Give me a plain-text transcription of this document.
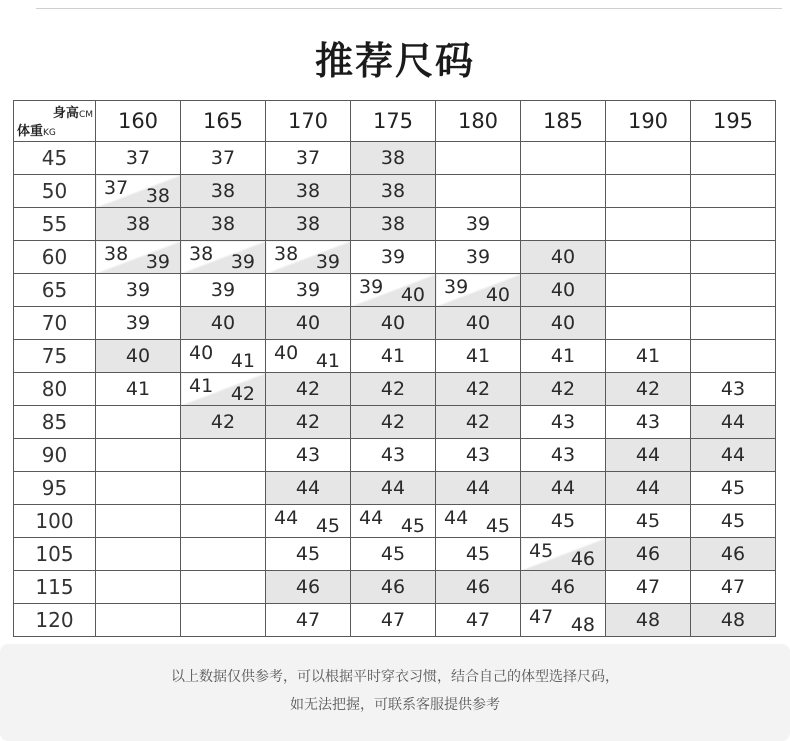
推荐尺码
身高CM
体重KG	160	165	170	175	180	185	190	195
45	37	37	37	38				
50	37 38	38	38	38				
55	38	38	38	38	39			
60	38 39	38 39	38 39	39	39	40		
65	39	39	39	39 40	39 40	40		
70	39	40	40	40	40	40		
75	40	40 41	40 41	41	41	41	41	
80	41	41 42	42	42	42	42	42	43
85		42	42	42	42	43	43	44
90			43	43	43	43	44	44
95			44	44	44	44	44	45
100			44 45	44 45	44 45	45	45	45
105			45	45	45	45 46	46	46
115			46	46	46	46	47	47
120			47	47	47	47 48	48	48
以上数据仅供参考，可以根据平时穿衣习惯，结合自己的体型选择尺码，
如无法把握，可联系客服提供参考
